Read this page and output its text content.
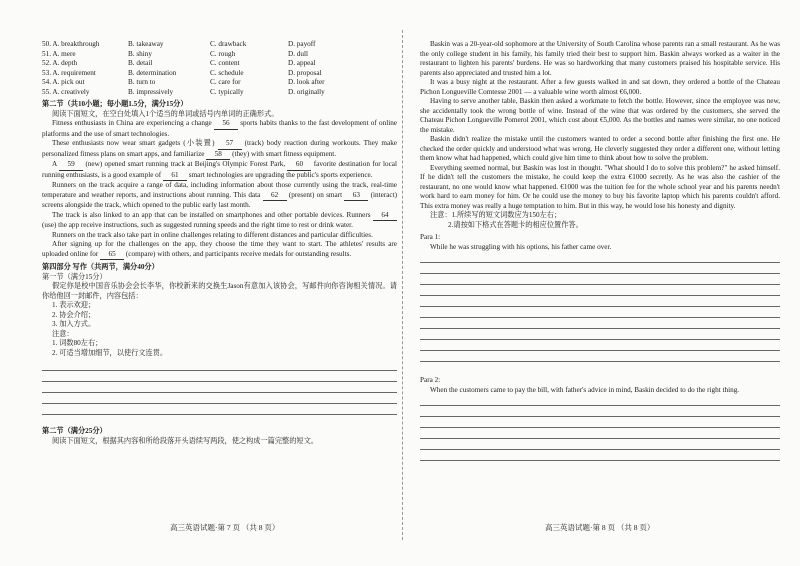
50. A. breakthrough	B. takeaway	C. drawback	D. payoff
51. A. mere	B. shiny	C. rough	D. dull
52. A. depth	B. detail	C. content	D. appeal
53. A. requirement	B. determination	C. schedule	D. proposal
54. A. pick out	B. turn to	C. care for	D. look after
55. A. creatively	B. impressively	C. typically	D. originally

第二节（共10小题；每小题1.5分，满分15分）

阅读下面短文，在空白处填入1个适当的单词或括号内单词的正确形式。

Fitness enthusiasts in China are experiencing a change 56 sports habits thanks to the fast development of online platforms and the use of smart technologies.

These enthusiasts now wear smart gadgets (小装置) 57 (track) body reaction during workouts. They make personalized fitness plans on smart apps, and familiarize 58 (they) with smart fitness equipment.

A 59 (new) opened smart running track at Beijing's Olympic Forest Park, 60 favorite destination for local running enthusiasts, is a good example of 61 smart technologies are upgrading the public's sports experience.

Runners on the track acquire a range of data, including information about those currently using the track, real-time temperature and weather reports, and instructions about running. This data 62 (present) on smart 63 (interact) screens alongside the track, which opened to the public early last month.

The track is also linked to an app that can be installed on smartphones and other portable devices. Runners 64 (use) the app receive instructions, such as suggested running speeds and the right time to rest or drink water.

Runners on the track also take part in online challenges relating to different distances and particular difficulties.

After signing up for the challenges on the app, they choose the time they want to start. The athletes' results are uploaded online for 65 (compare) with others, and participants receive medals for outstanding results.

第四部分 写作（共两节，满分40分）

第一节（满分15分）

假定你是校中国音乐协会会长李华，你校新来的交换生Jason有意加入该协会，写邮件向你咨询相关情况。请你给他回一封邮件，内容包括：

1. 表示欢迎；
2. 协会介绍；
3. 加入方式。
注意：
1. 词数80左右；
2. 可适当增加细节，以使行文连贯。

第二节（满分25分）

阅读下面短文，根据其内容和所给段落开头语续写两段，使之构成一篇完整的短文。

高三英语试题·第 7 页 （共 8 页）

Baskin was a 20-year-old sophomore at the University of South Carolina whose parents ran a small restaurant. As he was the only college student in his family, his family tried their best to support him. Baskin always worked as a waiter in the restaurant to lighten his parents' burdens. He was so hardworking that many customers praised his hospitable service. His parents also appreciated and trusted him a lot.

It was a busy night at the restaurant. After a few guests walked in and sat down, they ordered a bottle of the Chateau Pichon Longueville Comtesse 2001 — a valuable wine worth almost €6,000.

Having to serve another table, Baskin then asked a workmate to fetch the bottle. However, since the employee was new, she accidentally took the wrong bottle of wine. Instead of the wine that was ordered by the customers, she served the Chateau Pichon Longueville Pomerol 2001, which cost about €5,000. As the bottles and names were similar, no one noticed the mistake.

Baskin didn't realize the mistake until the customers wanted to order a second bottle after finishing the first one. He checked the order quickly and understood what was wrong. He cleverly suggested they order a different one, without letting them know what had happened, which could give him time to think about how to solve the problem.

Everything seemed normal, but Baskin was lost in thought. "What should I do to solve this problem?" he asked himself. If he didn't tell the customers the mistake, he could keep the extra €1000 secretly. As he was also the cashier of the restaurant, no one would know what happened. €1000 was the tuition fee for the whole school year and his parents needn't work hard to earn money for him. Or he could use the money to buy his favorite laptop which his parents couldn't afford. This extra money was really a huge temptation to him. But in this way, he would lose his honesty and dignity.

注意：1.所续写的短文词数应为150左右；
2.请按如下格式在答题卡的相应位置作答。

Para 1:

While he was struggling with his options, his father came over.

Para 2:

When the customers came to pay the bill, with father's advice in mind, Baskin decided to do the right thing.

高三英语试题·第 8 页 （共 8 页）
